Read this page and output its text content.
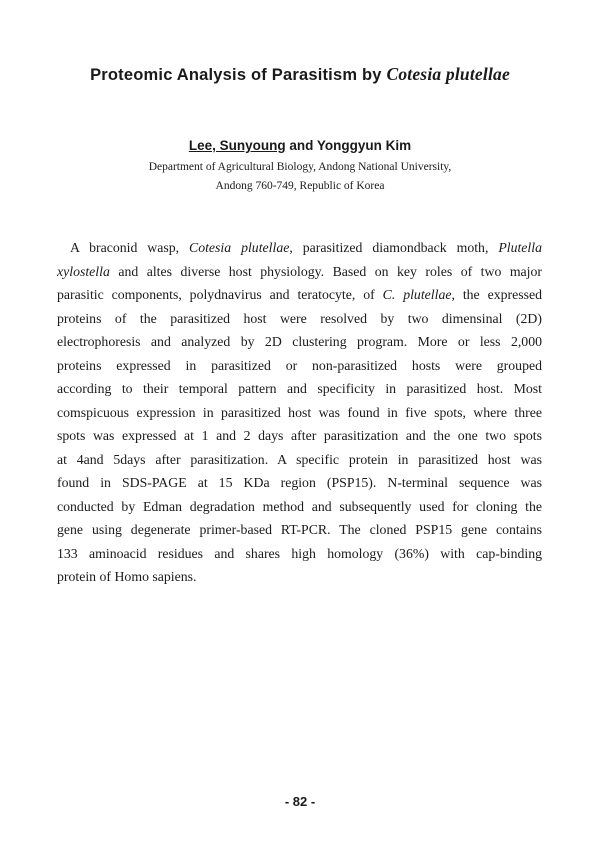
Proteomic Analysis of Parasitism by Cotesia plutellae
Lee, Sunyoung and Yonggyun Kim
Department of Agricultural Biology, Andong National University,
Andong 760-749, Republic of Korea
A braconid wasp, Cotesia plutellae, parasitized diamondback moth, Plutella
xylostella and altes diverse host physiology. Based on key roles of two major
parasitic components, polydnavirus and teratocyte, of C. plutellae, the expressed
proteins of the parasitized host were resolved by two dimensinal (2D)
electrophoresis and analyzed by 2D clustering program. More or less 2,000
proteins expressed in parasitized or non-parasitized hosts were grouped
according to their temporal pattern and specificity in parasitized host. Most
comspicuous expression in parasitized host was found in five spots, where three
spots was expressed at 1 and 2 days after parasitization and the one two spots
at 4and 5days after parasitization. A specific protein in parasitized host was
found in SDS-PAGE at 15 KDa region (PSP15). N-terminal sequence was
conducted by Edman degradation method and subsequently used for cloning the
gene using degenerate primer-based RT-PCR. The cloned PSP15 gene contains
133 aminoacid residues and shares high homology (36%) with cap-binding
protein of Homo sapiens.
- 82 -
